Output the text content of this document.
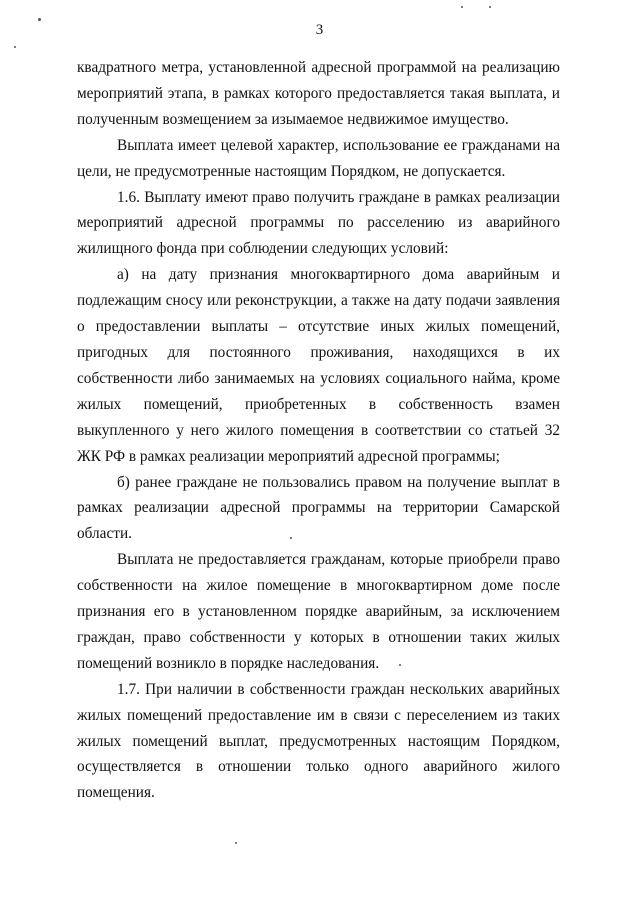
3

квадратного метра, установленной адресной программой на реализацию мероприятий этапа, в рамках которого предоставляется такая выплата, и полученным возмещением за изымаемое недвижимое имущество.

Выплата имеет целевой характер, использование ее гражданами на цели, не предусмотренные настоящим Порядком, не допускается.

1.6. Выплату имеют право получить граждане в рамках реализации мероприятий адресной программы по расселению из аварийного жилищного фонда при соблюдении следующих условий:

а) на дату признания многоквартирного дома аварийным и подлежащим сносу или реконструкции, а также на дату подачи заявления о предоставлении выплаты – отсутствие иных жилых помещений, пригодных для постоянного проживания, находящихся в их собственности либо занимаемых на условиях социального найма, кроме жилых помещений, приобретенных в собственность взамен выкупленного у него жилого помещения в соответствии со статьей 32 ЖК РФ в рамках реализации мероприятий адресной программы;

б) ранее граждане не пользовались правом на получение выплат в рамках реализации адресной программы на территории Самарской области.

Выплата не предоставляется гражданам, которые приобрели право собственности на жилое помещение в многоквартирном доме после признания его в установленном порядке аварийным, за исключением граждан, право собственности у которых в отношении таких жилых помещений возникло в порядке наследования.

1.7. При наличии в собственности граждан нескольких аварийных жилых помещений предоставление им в связи с переселением из таких жилых помещений выплат, предусмотренных настоящим Порядком, осуществляется в отношении только одного аварийного жилого помещения.
